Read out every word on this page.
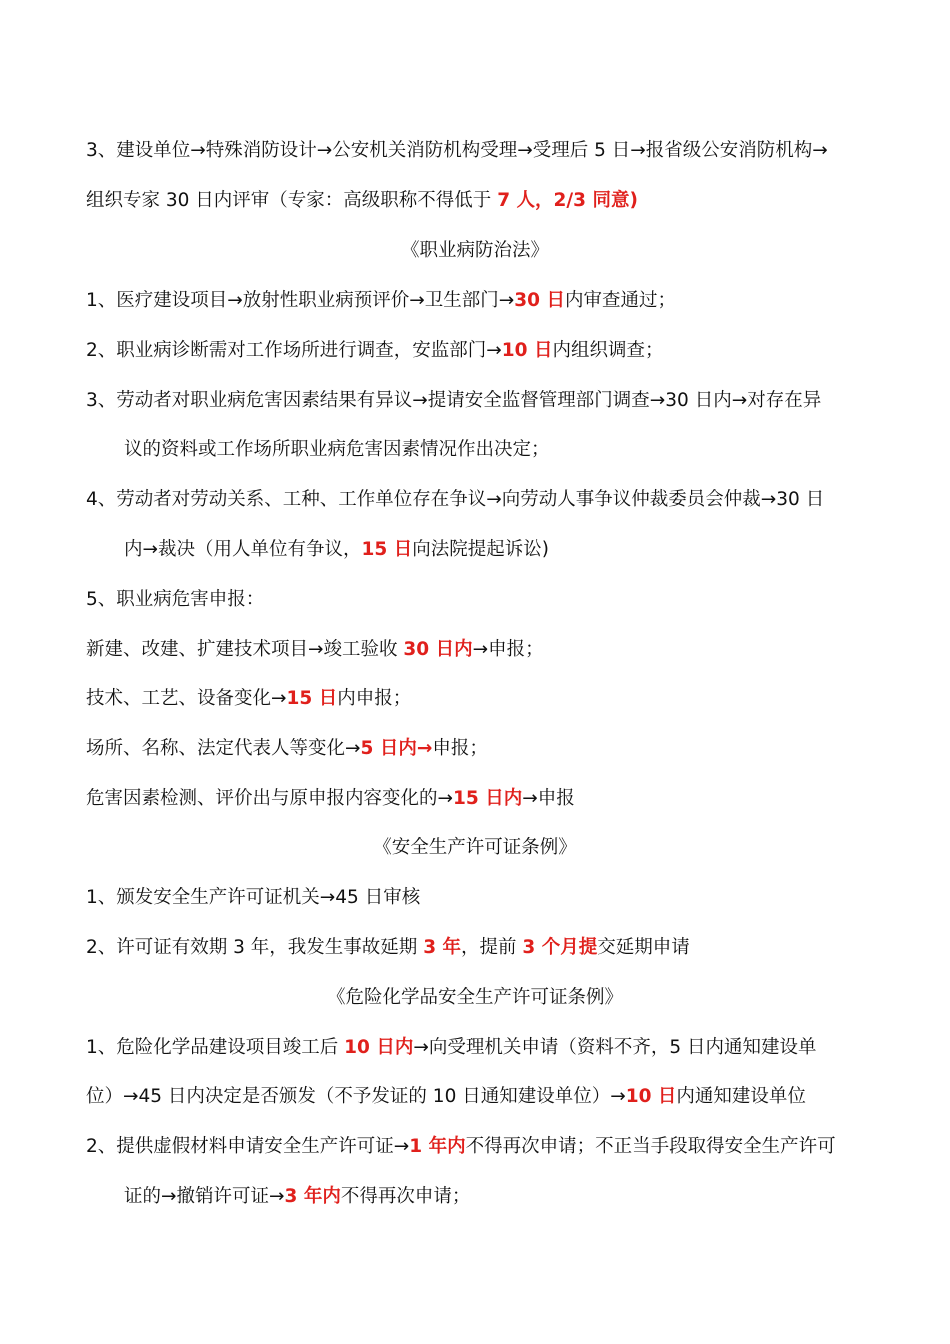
3、建设单位→特殊消防设计→公安机关消防机构受理→受理后 5 日→报省级公安消防机构→
组织专家 30 日内评审（专家：高级职称不得低于 7 人，2/3 同意)
《职业病防治法》
1、医疗建设项目→放射性职业病预评价→卫生部门→30 日内审查通过；
2、职业病诊断需对工作场所进行调查，安监部门→10 日内组织调查；
3、劳动者对职业病危害因素结果有异议→提请安全监督管理部门调查→30 日内→对存在异
议的资料或工作场所职业病危害因素情况作出决定；
4、劳动者对劳动关系、工种、工作单位存在争议→向劳动人事争议仲裁委员会仲裁→30 日
内→裁决（用人单位有争议，15 日向法院提起诉讼)
5、职业病危害申报：
新建、改建、扩建技术项目→竣工验收 30 日内→申报；
技术、工艺、设备变化→15 日内申报；
场所、名称、法定代表人等变化→5 日内→申报；
危害因素检测、评价出与原申报内容变化的→15 日内→申报
《安全生产许可证条例》
1、颁发安全生产许可证机关→45 日审核
2、许可证有效期 3 年，我发生事故延期 3 年，提前 3 个月提交延期申请
《危险化学品安全生产许可证条例》
1、危险化学品建设项目竣工后 10 日内→向受理机关申请（资料不齐，5 日内通知建设单
位）→45 日内决定是否颁发（不予发证的 10 日通知建设单位）→10 日内通知建设单位
2、提供虚假材料申请安全生产许可证→1 年内不得再次申请；不正当手段取得安全生产许可
证的→撤销许可证→3 年内不得再次申请；
